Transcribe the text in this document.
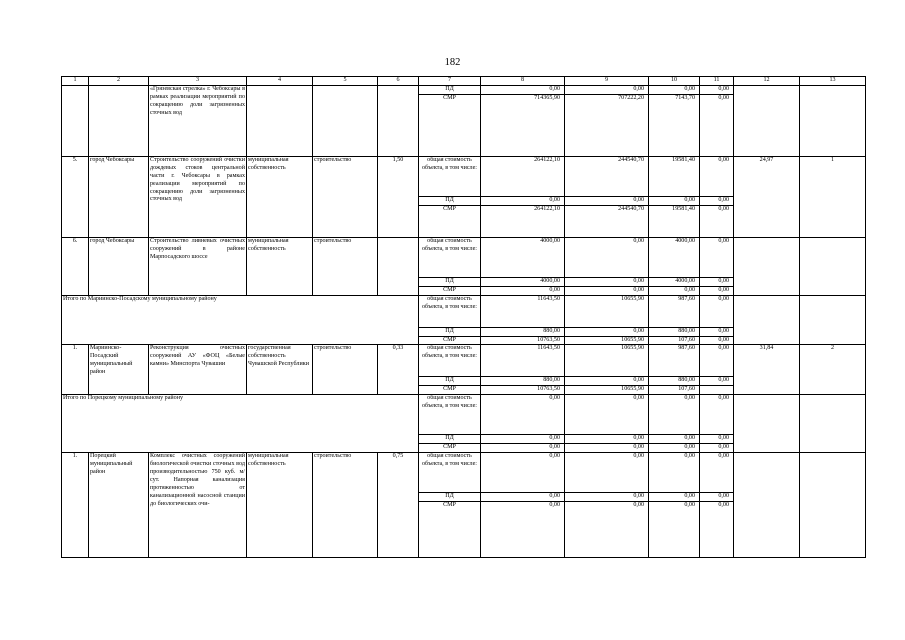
182
1	2	3	4	5	6	7	8	9	10	11	12	13
		«Грязевская стрелка» г. Чебоксары в рамках реализации мероприятий по сокращению доли загрязненных сточных вод				ПД	0,00	0,00	0,00	0,00		
						СМР	714365,90	707222,20	7143,70	0,00		
5.	город Чебоксары	Строительство сооружений очистки дождевых стоков центральной части г. Чебоксары в рамках реализации мероприятий по сокращению доли загрязненных сточных вод	муниципальная собственность	строительство	1,50	общая стоимость объекта, в том числе:	264122,10	244540,70	19581,40	0,00	24,97	1
						ПД	0,00	0,00	0,00	0,00		
						СМР	264122,10	244540,70	19581,40	0,00		
6.	город Чебоксары	Строительство ливневых очистных сооружений в районе Марпосадского шоссе	муниципальная собственность	строительство		общая стоимость объекта, в том числе:	4000,00	0,00	4000,00	0,00		
						ПД	4000,00	0,00	4000,00	0,00		
						СМР	0,00	0,00	0,00	0,00		
Итого по Мариинско-Посадскому муниципальному району						общая стоимость объекта, в том числе:	11643,50	10655,90	987,60	0,00		
						ПД	880,00	0,00	880,00	0,00		
						СМР	10763,50	10655,90	107,60	0,00		
1.	Мариинско-Посадский муниципальный район	Реконструкция очистных сооружений АУ «ФОЦ «Белые камни» Минспорта Чувашии	государственная собственность Чувашской Республики	строительство	0,33	общая стоимость объекта, в том числе:	11643,50	10655,90	987,60	0,00	31,84	2
						ПД	880,00	0,00	880,00	0,00		
						СМР	10763,50	10655,90	107,60			
Итого по Порецкому муниципальному району						общая стоимость объекта, в том числе:	0,00	0,00	0,00	0,00		
						ПД	0,00	0,00	0,00	0,00		
						СМР	0,00	0,00	0,00	0,00		
1.	Порецкий муниципальный район	Комплекс очистных сооружений биологической очистки сточных вод производительностью 750 куб. м/сут. Напорная канализация протяженностью от канализационной насосной станции до биологических очи-	муниципальная собственность	строительство	0,75	общая стоимость объекта, в том числе:	0,00	0,00	0,00	0,00		
						ПД	0,00	0,00	0,00	0,00		
						СМР	0,00	0,00	0,00	0,00		
